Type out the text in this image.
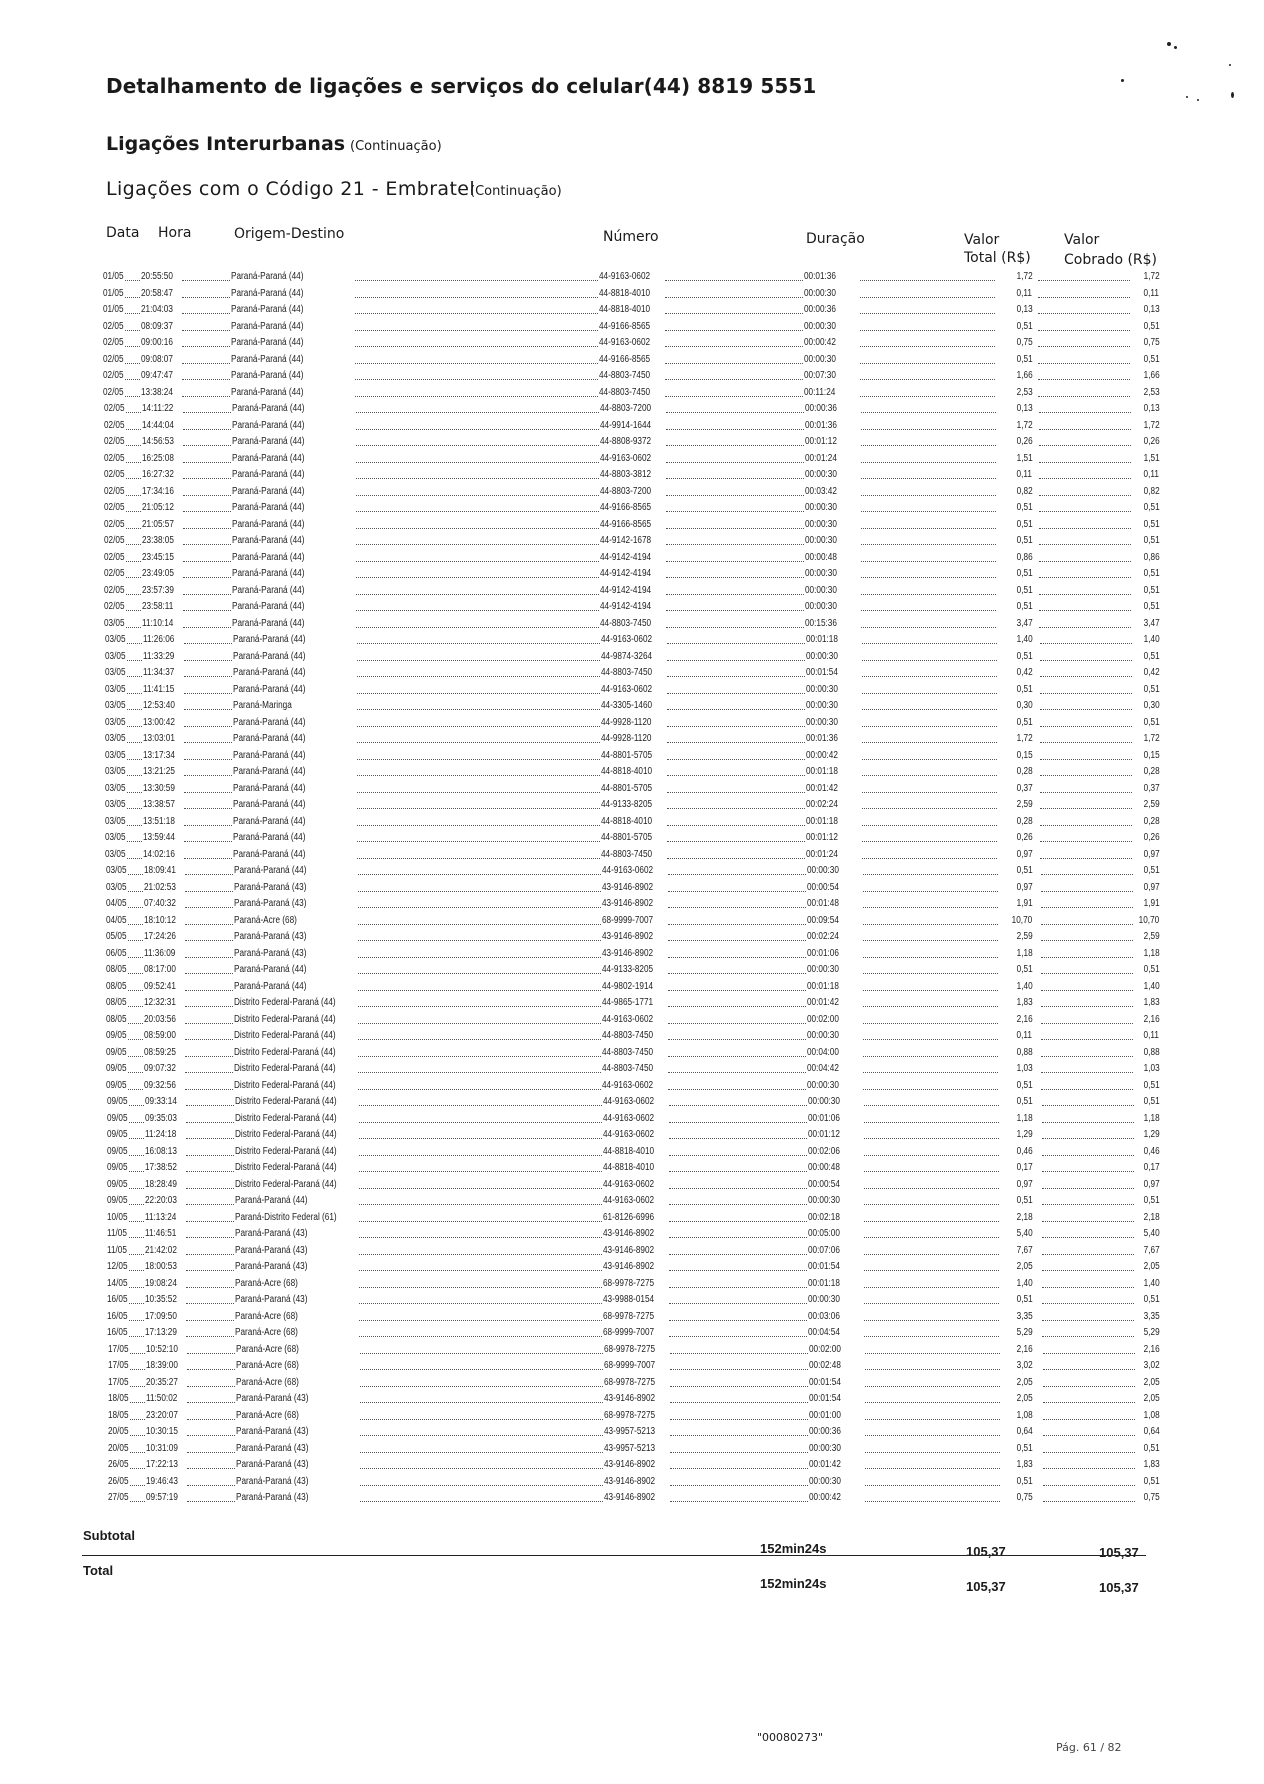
Detalhamento de ligações e serviços do celular(44) 8819 5551
Ligações Interurbanas (Continuação)
Ligações com o Código 21 - Embratel
(Continuação)
Data Hora	Origem-Destino	Número	Duração	Valor
Total (R$)
Valor
Cobrado (R$)
01/05 20:55:50	Paraná-Paraná (44)	44-9163-0602	00:01:36	1,72	1,72
01/05 20:58:47	Paraná-Paraná (44)	44-8818-4010	00:00:30	0,11	0,11
01/05 21:04:03	Paraná-Paraná (44)	44-8818-4010	00:00:36	0,13	0,13
02/05 08:09:37	Paraná-Paraná (44)	44-9166-8565	00:00:30	0,51	0,51
02/05 09:00:16	Paraná-Paraná (44)	44-9163-0602	00:00:42	0,75	0,75
02/05 09:08:07	Paraná-Paraná (44)	44-9166-8565	00:00:30	0,51	0,51
02/05 09:47:47	Paraná-Paraná (44)	44-8803-7450	00:07:30	1,66	1,66
02/05 13:38:24	Paraná-Paraná (44)	44-8803-7450	00:11:24	2,53	2,53
02/05 14:11:22	Paraná-Paraná (44)	44-8803-7200	00:00:36	0,13	0,13
02/05 14:44:04	Paraná-Paraná (44)	44-9914-1644	00:01:36	1,72	1,72
02/05 14:56:53	Paraná-Paraná (44)	44-8808-9372	00:01:12	0,26	0,26
02/05 16:25:08	Paraná-Paraná (44)	44-9163-0602	00:01:24	1,51	1,51
02/05 16:27:32	Paraná-Paraná (44)	44-8803-3812	00:00:30	0,11	0,11
02/05 17:34:16	Paraná-Paraná (44)	44-8803-7200	00:03:42	0,82	0,82
02/05 21:05:12	Paraná-Paraná (44)	44-9166-8565	00:00:30	0,51	0,51
02/05 21:05:57	Paraná-Paraná (44)	44-9166-8565	00:00:30	0,51	0,51
02/05 23:38:05	Paraná-Paraná (44)	44-9142-1678	00:00:30	0,51	0,51
02/05 23:45:15	Paraná-Paraná (44)	44-9142-4194	00:00:48	0,86	0,86
02/05 23:49:05	Paraná-Paraná (44)	44-9142-4194	00:00:30	0,51	0,51
02/05 23:57:39	Paraná-Paraná (44)	44-9142-4194	00:00:30	0,51	0,51
02/05 23:58:11	Paraná-Paraná (44)	44-9142-4194	00:00:30	0,51	0,51
03/05 11:10:14	Paraná-Paraná (44)	44-8803-7450	00:15:36	3,47	3,47
03/05 11:26:06	Paraná-Paraná (44)	44-9163-0602	00:01:18	1,40	1,40
03/05 11:33:29	Paraná-Paraná (44)	44-9874-3264	00:00:30	0,51	0,51
03/05 11:34:37	Paraná-Paraná (44)	44-8803-7450	00:01:54	0,42	0,42
03/05 11:41:15	Paraná-Paraná (44)	44-9163-0602	00:00:30	0,51	0,51
03/05 12:53:40	Paraná-Maringa	44-3305-1460	00:00:30	0,30	0,30
03/05 13:00:42	Paraná-Paraná (44)	44-9928-1120	00:00:30	0,51	0,51
03/05 13:03:01	Paraná-Paraná (44)	44-9928-1120	00:01:36	1,72	1,72
03/05 13:17:34	Paraná-Paraná (44)	44-8801-5705	00:00:42	0,15	0,15
03/05 13:21:25	Paraná-Paraná (44)	44-8818-4010	00:01:18	0,28	0,28
03/05 13:30:59	Paraná-Paraná (44)	44-8801-5705	00:01:42	0,37	0,37
03/05 13:38:57	Paraná-Paraná (44)	44-9133-8205	00:02:24	2,59	2,59
03/05 13:51:18	Paraná-Paraná (44)	44-8818-4010	00:01:18	0,28	0,28
03/05 13:59:44	Paraná-Paraná (44)	44-8801-5705	00:01:12	0,26	0,26
03/05 14:02:16	Paraná-Paraná (44)	44-8803-7450	00:01:24	0,97	0,97
03/05 18:09:41	Paraná-Paraná (44)	44-9163-0602	00:00:30	0,51	0,51
03/05 21:02:53	Paraná-Paraná (43)	43-9146-8902	00:00:54	0,97	0,97
04/05 07:40:32	Paraná-Paraná (43)	43-9146-8902	00:01:48	1,91	1,91
04/05 18:10:12	Paraná-Acre (68)	68-9999-7007	00:09:54	10,70	10,70
05/05 17:24:26	Paraná-Paraná (43)	43-9146-8902	00:02:24	2,59	2,59
06/05 11:36:09	Paraná-Paraná (43)	43-9146-8902	00:01:06	1,18	1,18
08/05 08:17:00	Paraná-Paraná (44)	44-9133-8205	00:00:30	0,51	0,51
08/05 09:52:41	Paraná-Paraná (44)	44-9802-1914	00:01:18	1,40	1,40
08/05 12:32:31	Distrito Federal-Paraná (44)	44-9865-1771	00:01:42	1,83	1,83
08/05 20:03:56	Distrito Federal-Paraná (44)	44-9163-0602	00:02:00	2,16	2,16
09/05 08:59:00	Distrito Federal-Paraná (44)	44-8803-7450	00:00:30	0,11	0,11
09/05 08:59:25	Distrito Federal-Paraná (44)	44-8803-7450	00:04:00	0,88	0,88
09/05 09:07:32	Distrito Federal-Paraná (44)	44-8803-7450	00:04:42	1,03	1,03
09/05 09:32:56	Distrito Federal-Paraná (44)	44-9163-0602	00:00:30	0,51	0,51
09/05 09:33:14	Distrito Federal-Paraná (44)	44-9163-0602	00:00:30	0,51	0,51
09/05 09:35:03	Distrito Federal-Paraná (44)	44-9163-0602	00:01:06	1,18	1,18
09/05 11:24:18	Distrito Federal-Paraná (44)	44-9163-0602	00:01:12	1,29	1,29
09/05 16:08:13	Distrito Federal-Paraná (44)	44-8818-4010	00:02:06	0,46	0,46
09/05 17:38:52	Distrito Federal-Paraná (44)	44-8818-4010	00:00:48	0,17	0,17
09/05 18:28:49	Distrito Federal-Paraná (44)	44-9163-0602	00:00:54	0,97	0,97
09/05 22:20:03	Paraná-Paraná (44)	44-9163-0602	00:00:30	0,51	0,51
10/05 11:13:24	Paraná-Distrito Federal (61)	61-8126-6996	00:02:18	2,18	2,18
11/05 11:46:51	Paraná-Paraná (43)	43-9146-8902	00:05:00	5,40	5,40
11/05 21:42:02	Paraná-Paraná (43)	43-9146-8902	00:07:06	7,67	7,67
12/05 18:00:53	Paraná-Paraná (43)	43-9146-8902	00:01:54	2,05	2,05
14/05 19:08:24	Paraná-Acre (68)	68-9978-7275	00:01:18	1,40	1,40
16/05 10:35:52	Paraná-Paraná (43)	43-9988-0154	00:00:30	0,51	0,51
16/05 17:09:50	Paraná-Acre (68)	68-9978-7275	00:03:06	3,35	3,35
16/05 17:13:29	Paraná-Acre (68)	68-9999-7007	00:04:54	5,29	5,29
17/05 10:52:10	Paraná-Acre (68)	68-9978-7275	00:02:00	2,16	2,16
17/05 18:39:00	Paraná-Acre (68)	68-9999-7007	00:02:48	3,02	3,02
17/05 20:35:27	Paraná-Acre (68)	68-9978-7275	00:01:54	2,05	2,05
18/05 11:50:02	Paraná-Paraná (43)	43-9146-8902	00:01:54	2,05	2,05
18/05 23:20:07	Paraná-Acre (68)	68-9978-7275	00:01:00	1,08	1,08
20/05 10:30:15	Paraná-Paraná (43)	43-9957-5213	00:00:36	0,64	0,64
20/05 10:31:09	Paraná-Paraná (43)	43-9957-5213	00:00:30	0,51	0,51
26/05 17:22:13	Paraná-Paraná (43)	43-9146-8902	00:01:42	1,83	1,83
26/05 19:46:43	Paraná-Paraná (43)	43-9146-8902	00:00:30	0,51	0,51
27/05 09:57:19	Paraná-Paraná (43)	43-9146-8902	00:00:42	0,75	0,75
Subtotal
152min24s	105,37	105,37
Total
152min24s	105,37	105,37
"00080273"
Pág. 61 / 82
